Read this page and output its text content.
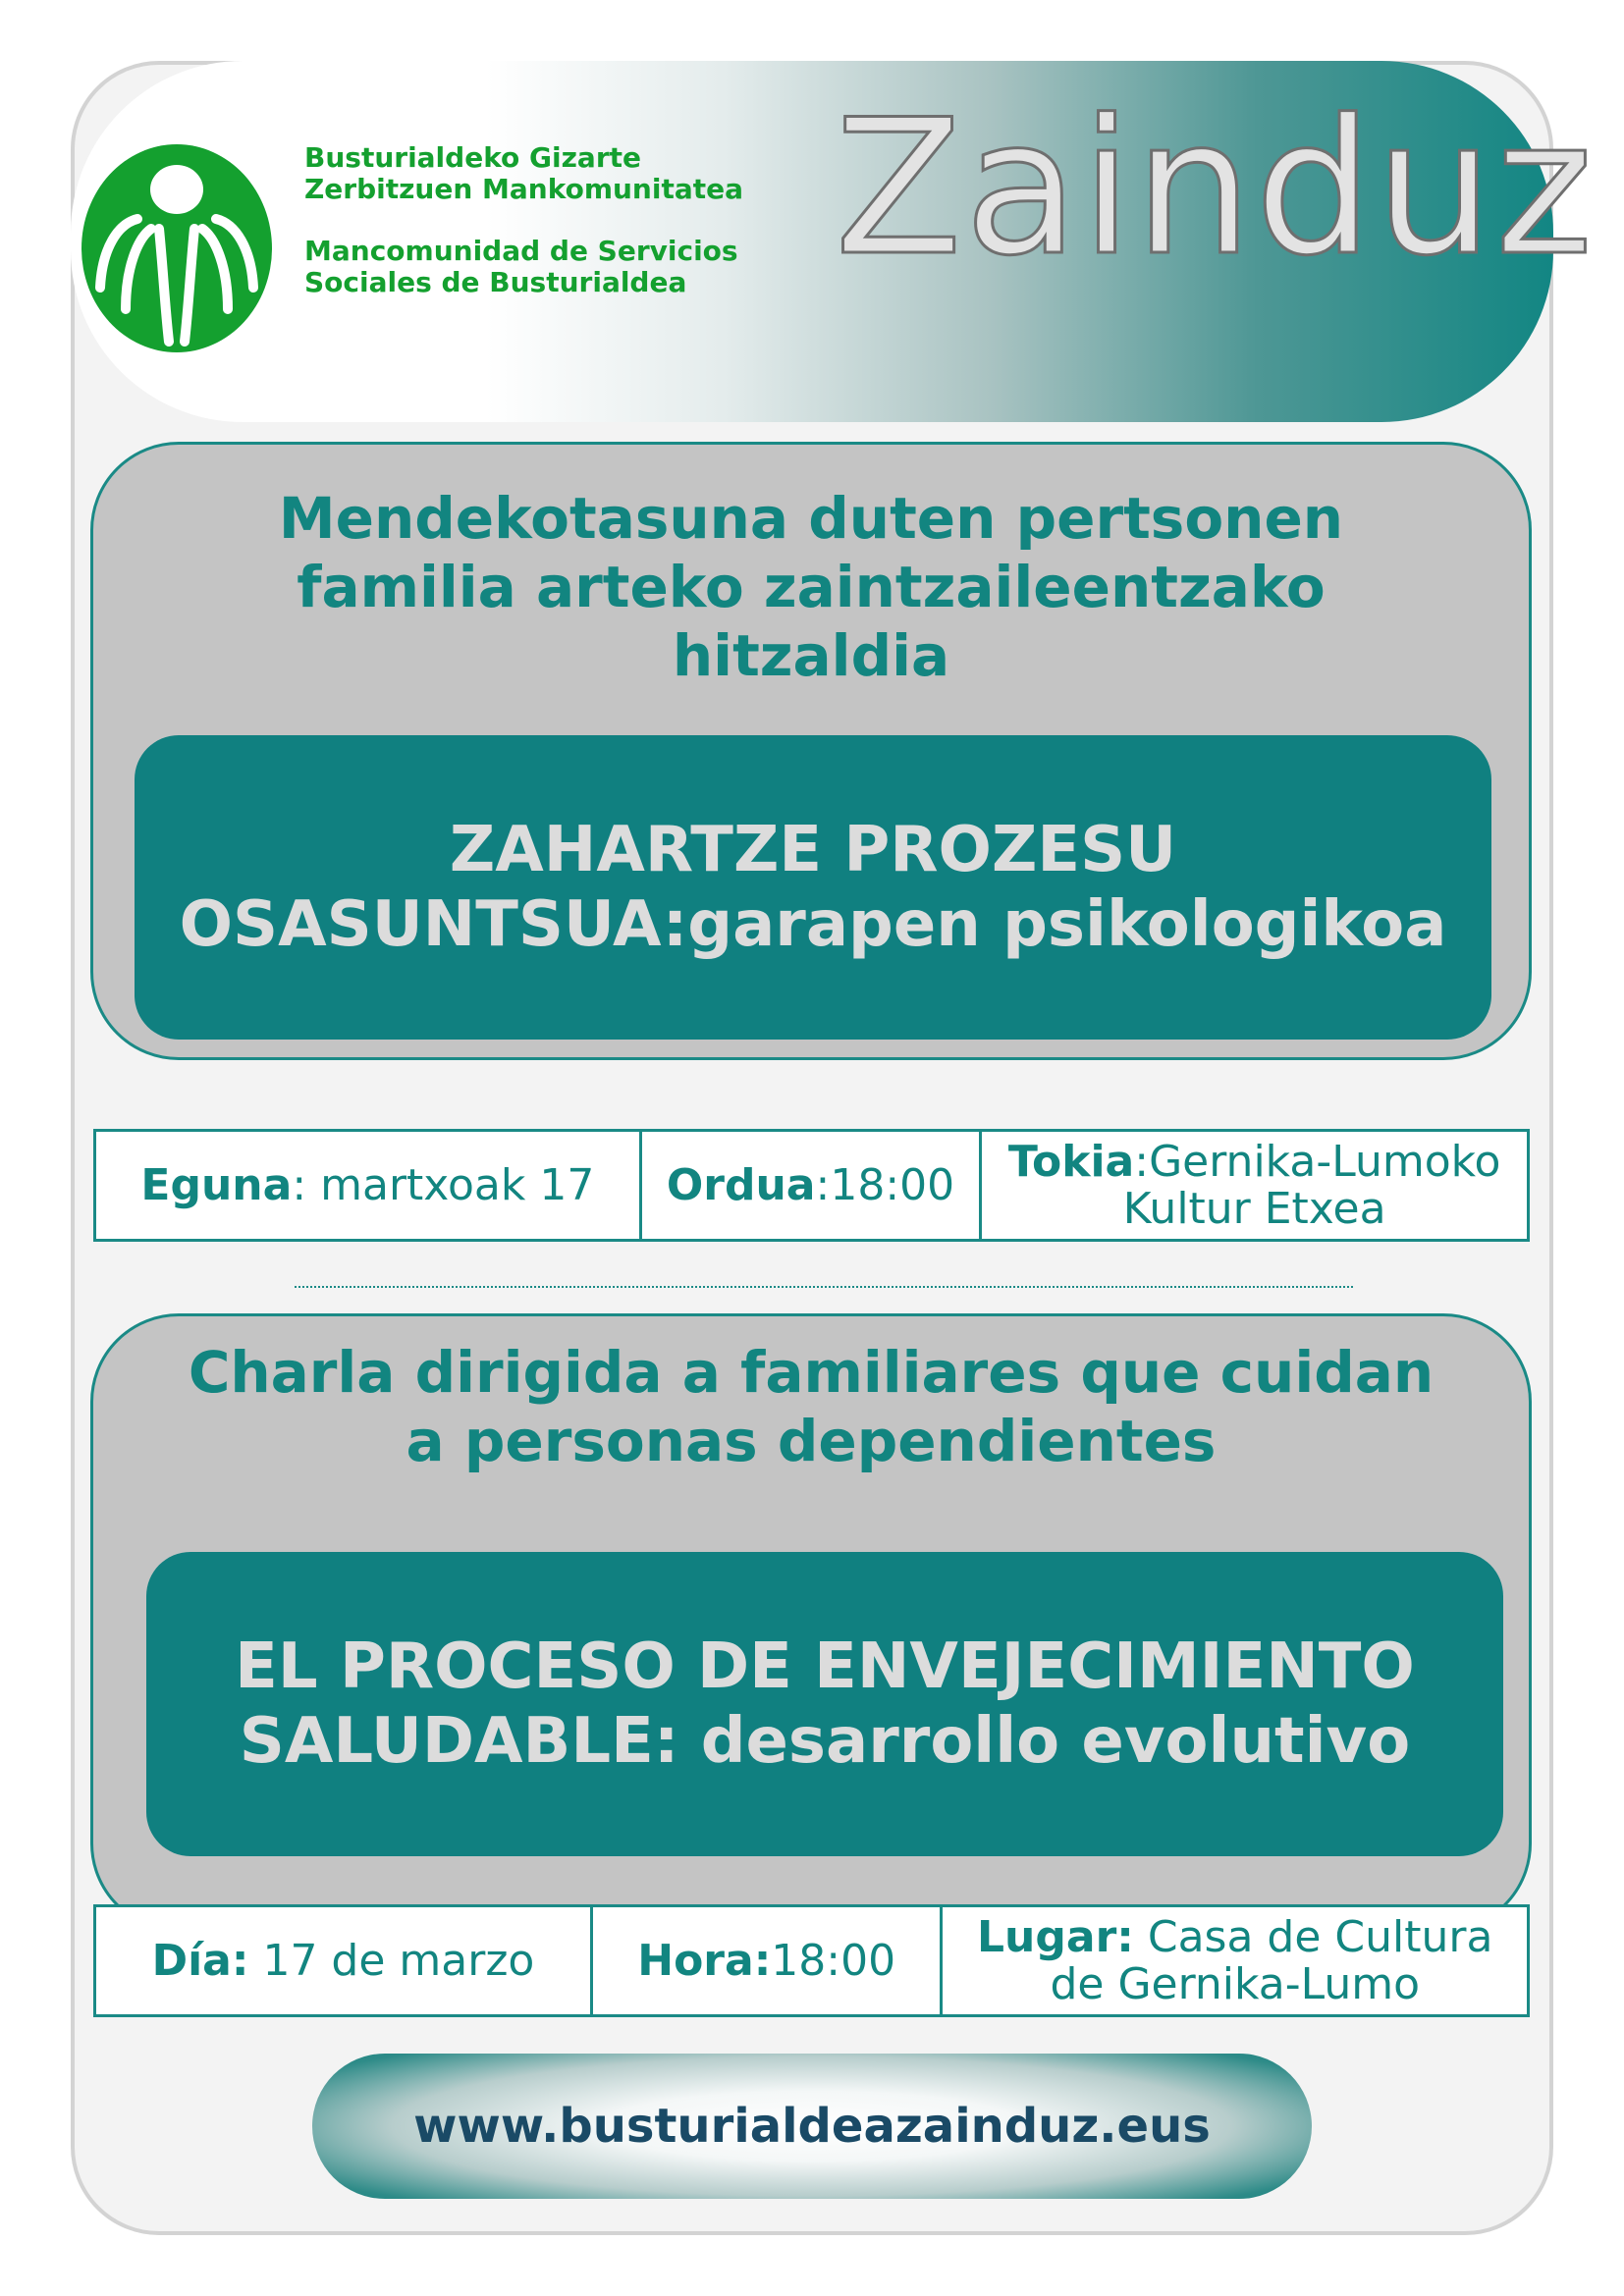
Busturialdeko Gizarte
Zerbitzuen Mankomunitatea
Mancomunidad de Servicios
Sociales de Busturialdea Zainduz
Mendekotasuna duten pertsonen
familia arteko zaintzaileentzako
hitzaldia
ZAHARTZE PROZESU
OSASUNTSUA:garapen psikologikoa
Eguna: martxoak 17 Ordua:18:00 Tokia:Gernika-Lumoko
Kultur Etxea
Charla dirigida a familiares que cuidan
a personas dependientes
EL PROCESO DE ENVEJECIMIENTO
SALUDABLE: desarrollo evolutivo
Día: 17 de marzo Hora:18:00 Lugar: Casa de Cultura
de Gernika-Lumo
www.busturialdeazainduz.eus
